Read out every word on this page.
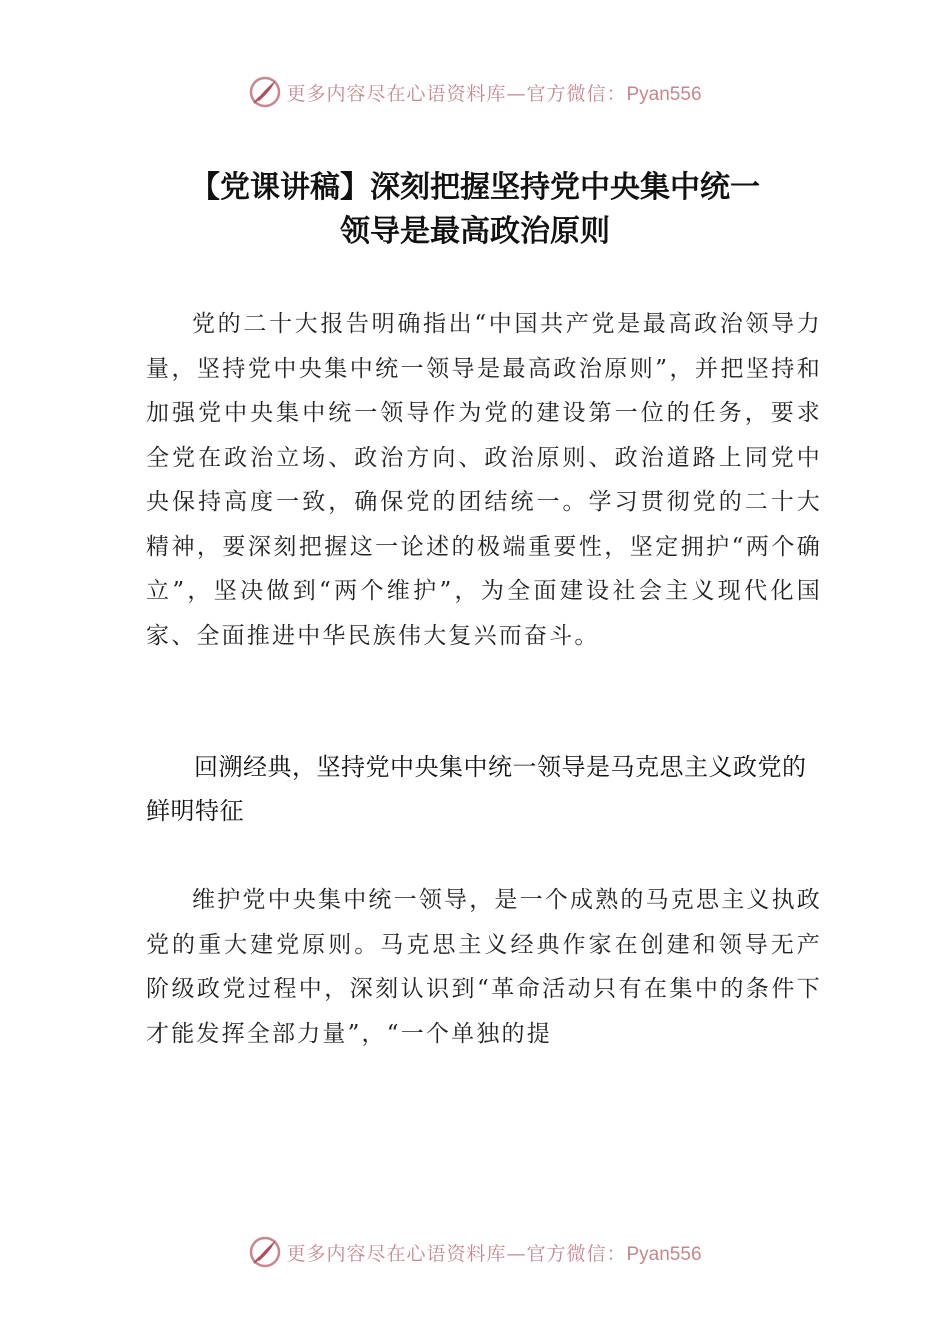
更多内容尽在心语资料库—官方微信：Pyan556
【党课讲稿】深刻把握坚持党中央集中统一
领导是最高政治原则

党的二十大报告明确指出“中国共产党是最高政治领导力量，坚持党中央集中统一领导是最高政治原则”，并把坚持和加强党中央集中统一领导作为党的建设第一位的任务，要求全党在政治立场、政治方向、政治原则、政治道路上同党中央保持高度一致，确保党的团结统一。学习贯彻党的二十大精神，要深刻把握这一论述的极端重要性，坚定拥护“两个确立”，坚决做到“两个维护”，为全面建设社会主义现代化国家、全面推进中华民族伟大复兴而奋斗。

回溯经典，坚持党中央集中统一领导是马克思主义政党的鲜明特征

维护党中央集中统一领导，是一个成熟的马克思主义执政党的重大建党原则。马克思主义经典作家在创建和领导无产阶级政党过程中，深刻认识到“革命活动只有在集中的条件下才能发挥全部力量”，“一个单独的提

更多内容尽在心语资料库—官方微信：Pyan556
